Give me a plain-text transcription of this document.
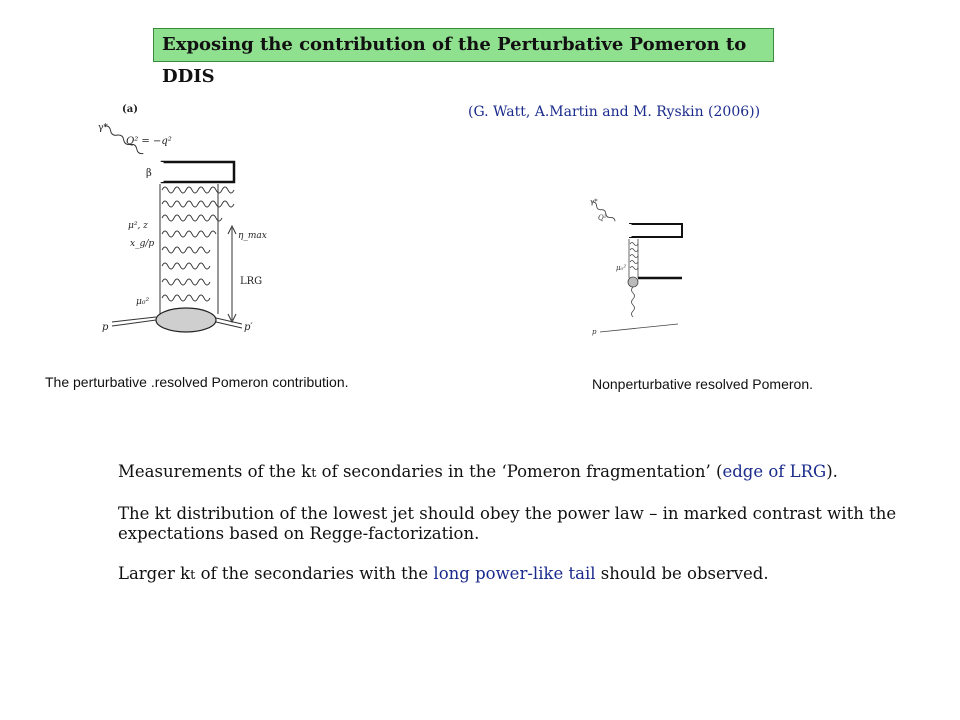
Exposing the contribution of the Perturbative Pomeron to DDIS
(G. Watt, A.Martin and M. Ryskin (2006))
(a)
γ*
Q² = −q²
β
μ², z
x_g/p
μ₀²
η_max
LRG
p	p′
γ*
Q²
μ₀²
p
The perturbative .resolved Pomeron contribution.	Nonperturbative resolved Pomeron.

Measurements of the kt of secondaries in the ‘Pomeron fragmentation’ (edge of LRG).

The kt distribution of the lowest jet should obey the power law – in marked contrast with the expectations based on Regge-factorization.

Larger kt of the secondaries with the long power-like tail should be observed.
